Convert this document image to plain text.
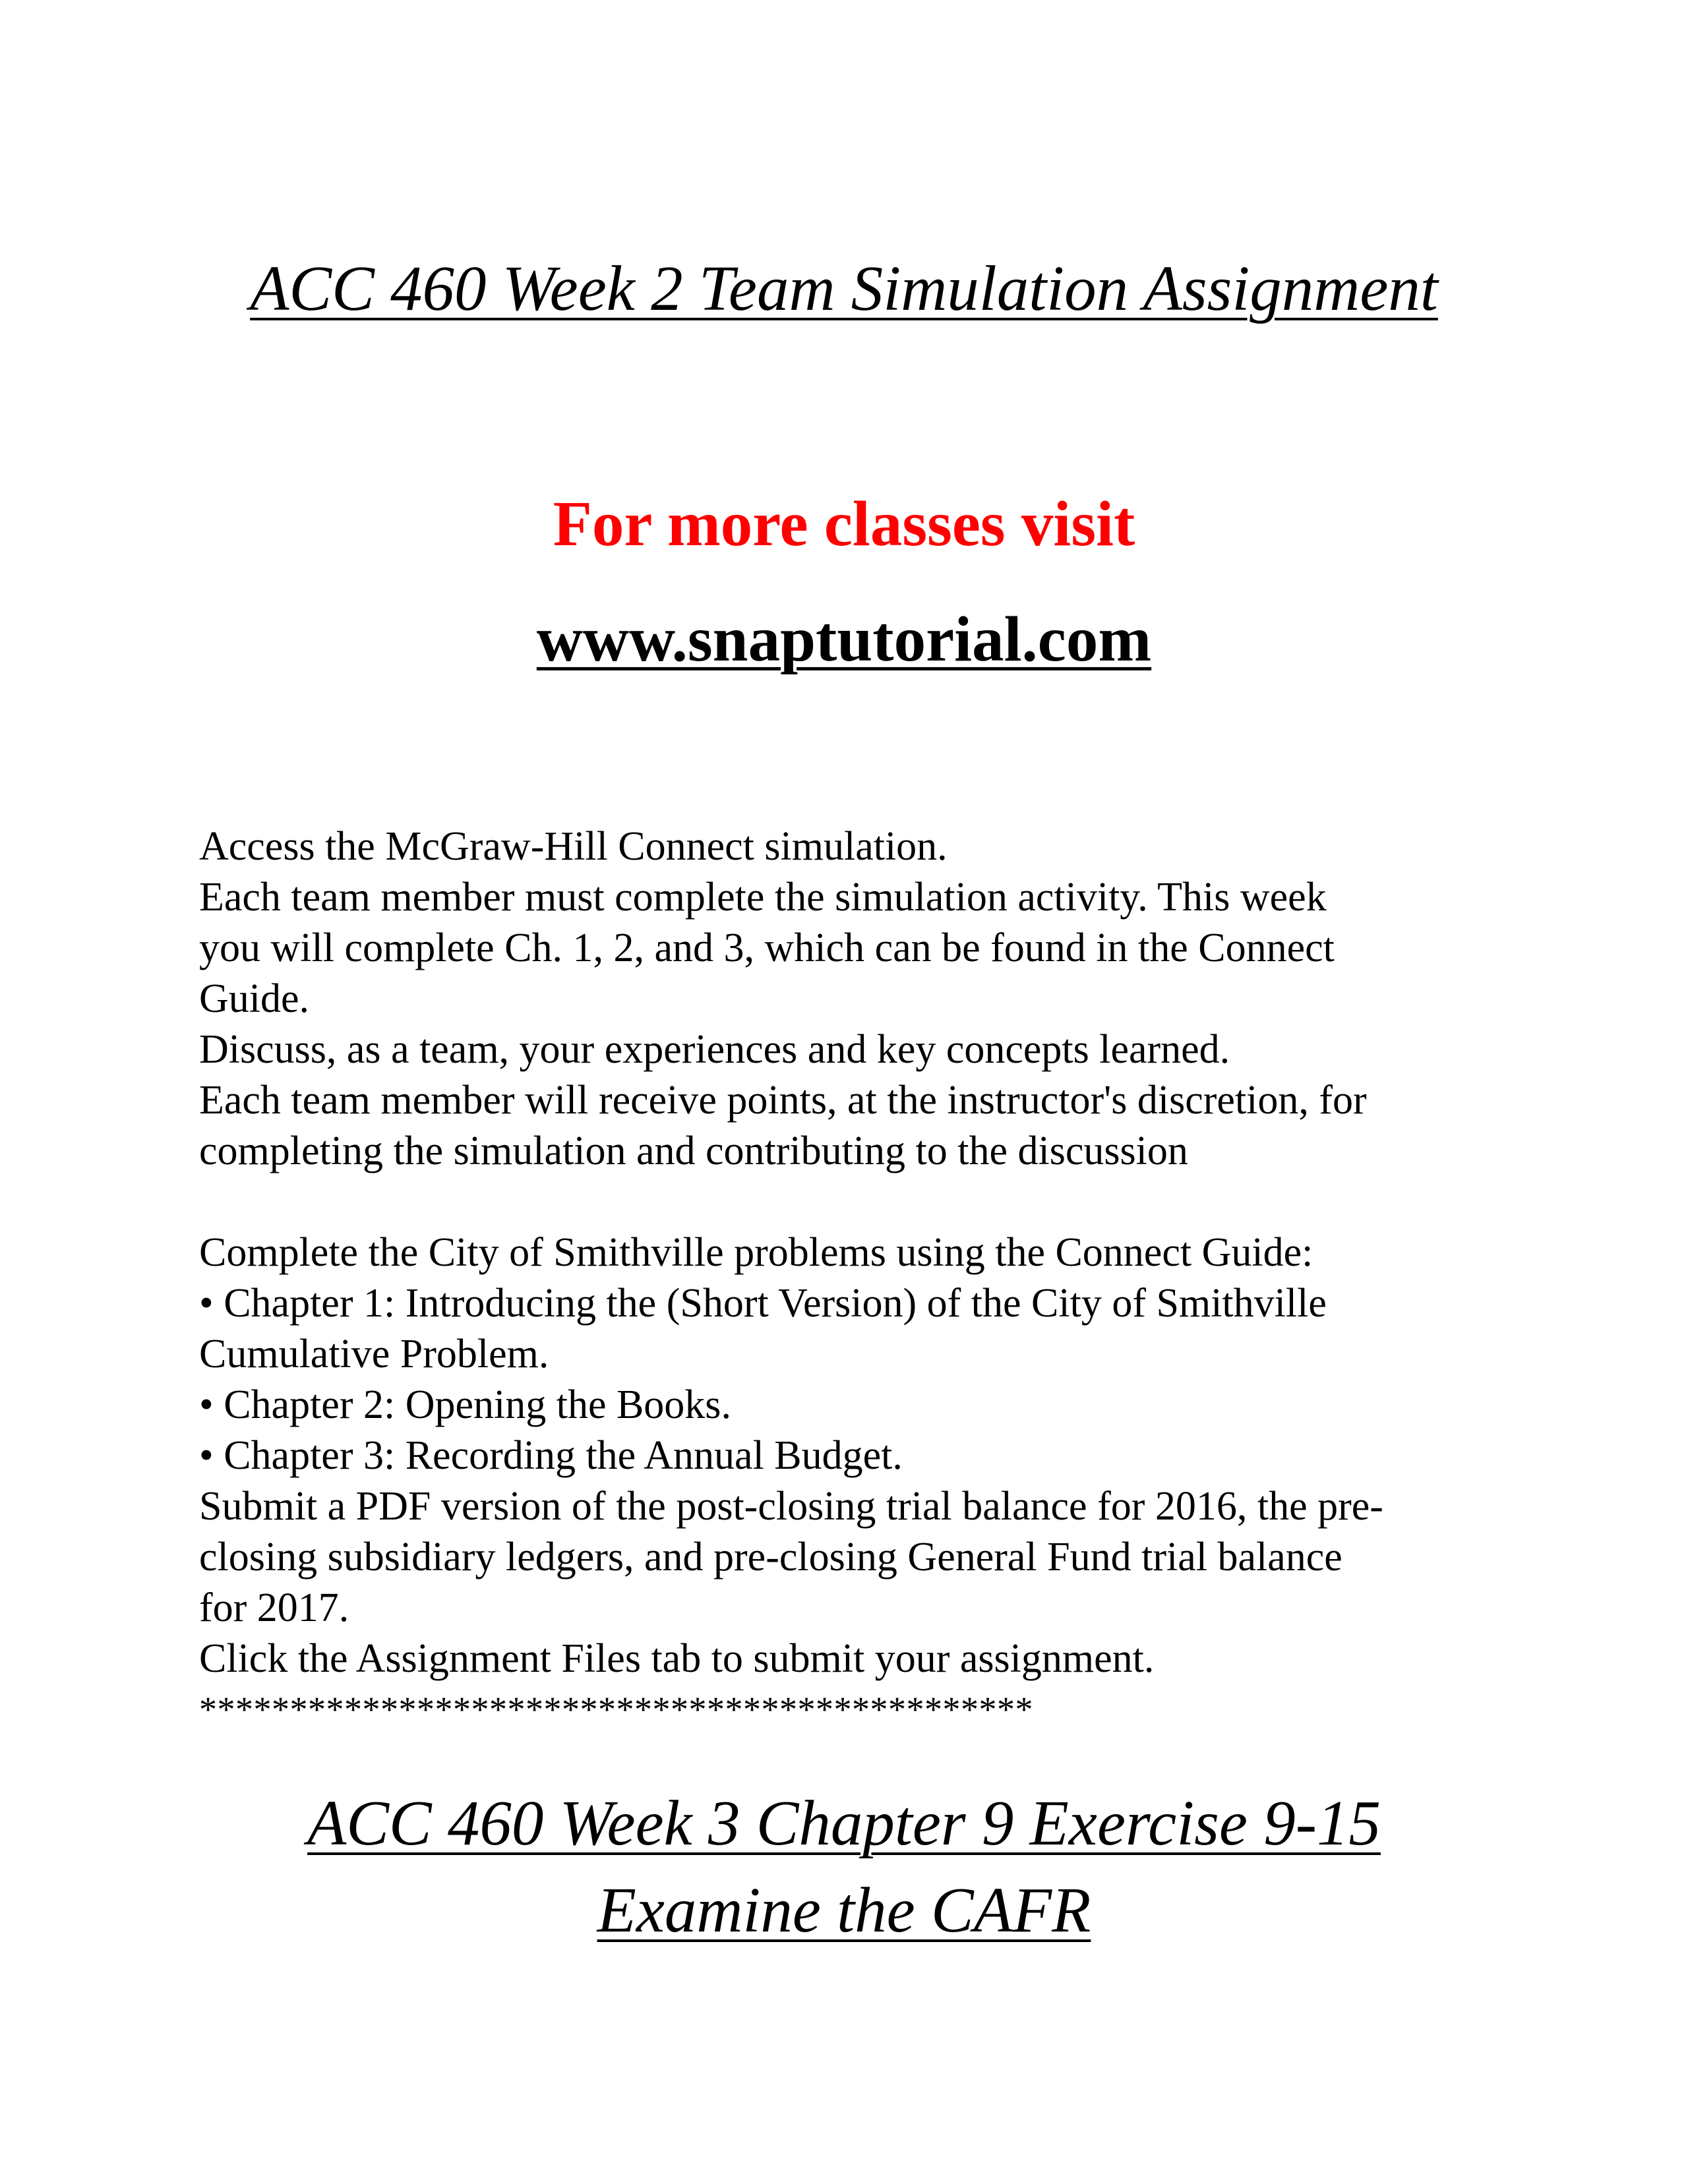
ACC 460 Week 2 Team Simulation Assignment
For more classes visit
www.snaptutorial.com

Access the McGraw-Hill Connect simulation.

Each team member must complete the simulation activity. This week

you will complete Ch. 1, 2, and 3, which can be found in the Connect

Guide.

Discuss, as a team, your experiences and key concepts learned.

Each team member will receive points, at the instructor's discretion, for

completing the simulation and contributing to the discussion

Complete the City of Smithville problems using the Connect Guide:

• Chapter 1: Introducing the (Short Version) of the City of Smithville

Cumulative Problem.

• Chapter 2: Opening the Books.

• Chapter 3: Recording the Annual Budget.

Submit a PDF version of the post-closing trial balance for 2016, the pre-

closing subsidiary ledgers, and pre-closing General Fund trial balance

for 2017.

Click the Assignment Files tab to submit your assignment.

**********************************************

ACC 460 Week 3 Chapter 9 Exercise 9-15
Examine the CAFR
